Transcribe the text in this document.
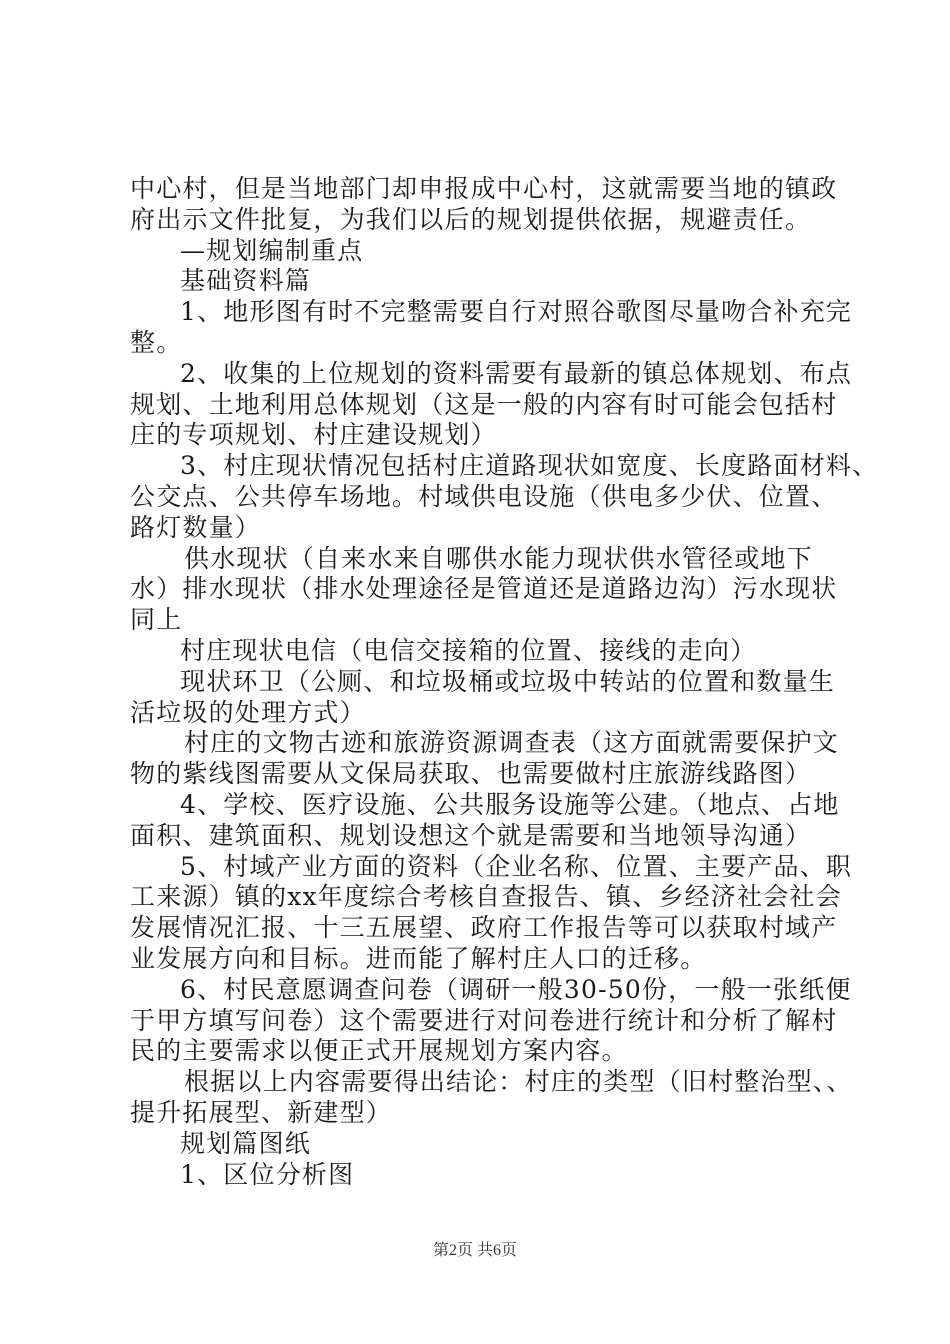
中心村，但是当地部门却申报成中心村，这就需要当地的镇政
府出示文件批复，为我们以后的规划提供依据，规避责任。
—规划编制重点
基础资料篇
1、地形图有时不完整需要自行对照谷歌图尽量吻合补充完
整。
2、收集的上位规划的资料需要有最新的镇总体规划、布点
规划、土地利用总体规划（这是一般的内容有时可能会包括村
庄的专项规划、村庄建设规划）
3、村庄现状情况包括村庄道路现状如宽度、长度路面材料、
公交点、公共停车场地。村域供电设施（供电多少伏、位置、
路灯数量）
供水现状（自来水来自哪供水能力现状供水管径或地下
水）排水现状（排水处理途径是管道还是道路边沟）污水现状
同上
村庄现状电信（电信交接箱的位置、接线的走向）
现状环卫（公厕、和垃圾桶或垃圾中转站的位置和数量生
活垃圾的处理方式）
村庄的文物古迹和旅游资源调查表（这方面就需要保护文
物的紫线图需要从文保局获取、也需要做村庄旅游线路图）
4、学校、医疗设施、公共服务设施等公建。（地点、占地
面积、建筑面积、规划设想这个就是需要和当地领导沟通）
5、村域产业方面的资料（企业名称、位置、主要产品、职
工来源）镇的xx年度综合考核自查报告、镇、乡经济社会社会
发展情况汇报、十三五展望、政府工作报告等可以获取村域产
业发展方向和目标。进而能了解村庄人口的迁移。
6、村民意愿调查问卷（调研一般30-50份，一般一张纸便
于甲方填写问卷）这个需要进行对问卷进行统计和分析了解村
民的主要需求以便正式开展规划方案内容。
根据以上内容需要得出结论：村庄的类型（旧村整治型、、
提升拓展型、新建型）
规划篇图纸
1、区位分析图
第2页 共6页
